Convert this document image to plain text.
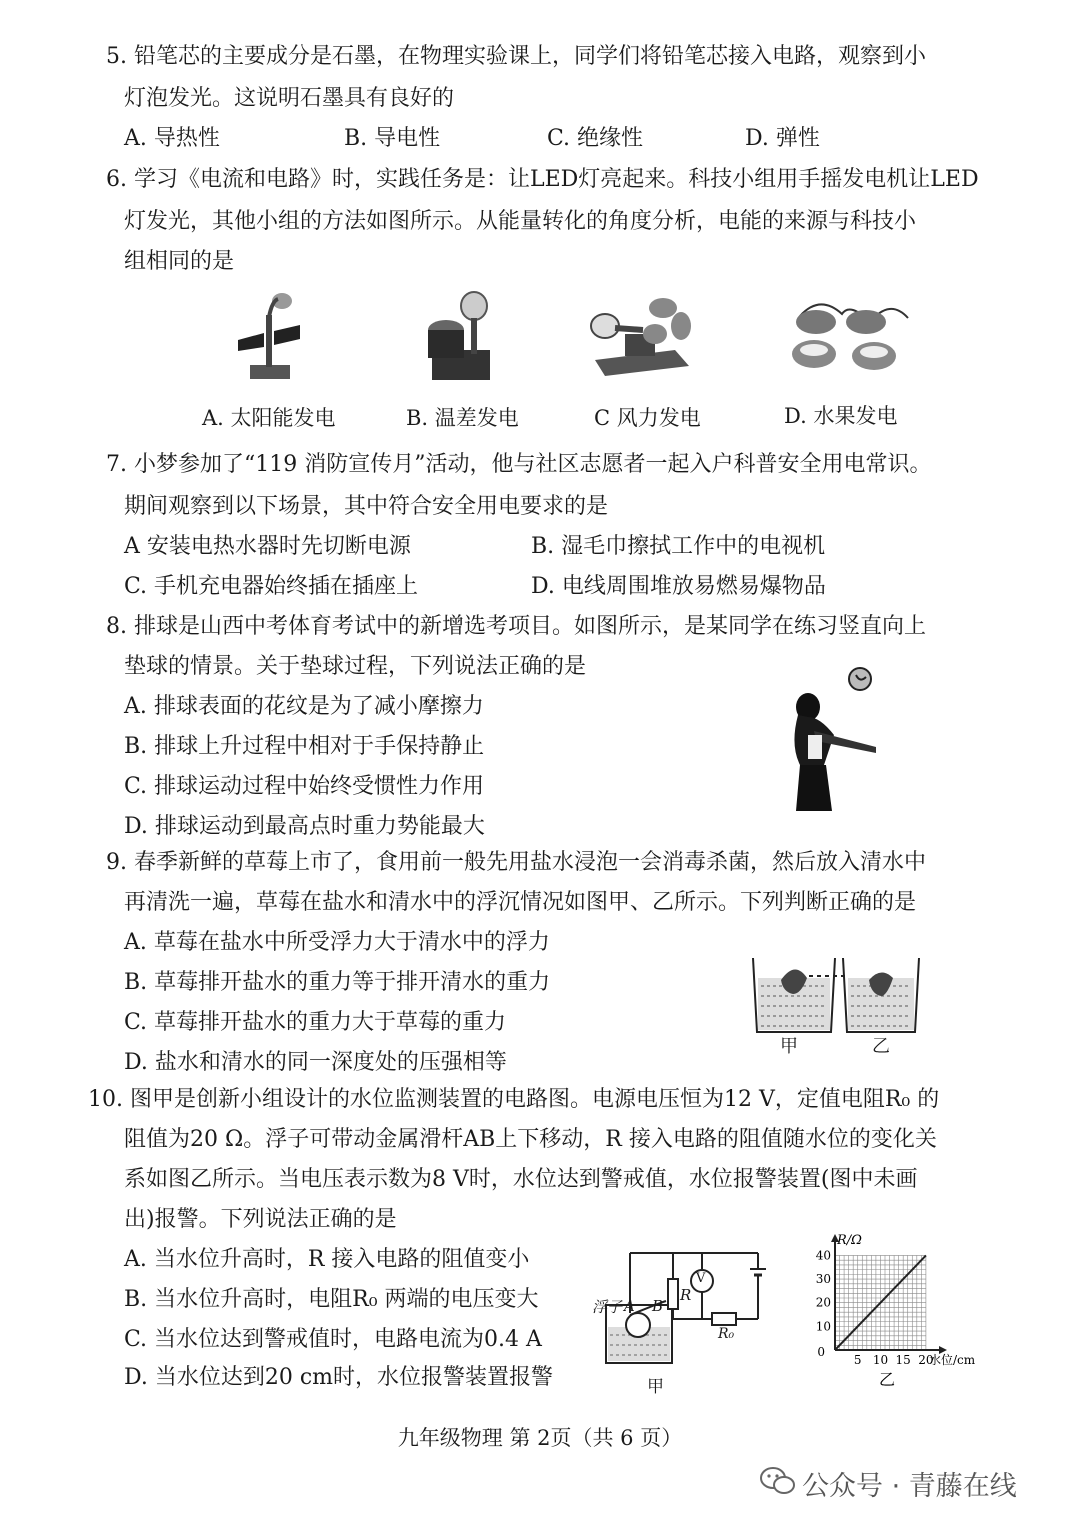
5. 铅笔芯的主要成分是石墨，在物理实验课上，同学们将铅笔芯接入电路，观察到小
灯泡发光。这说明石墨具有良好的
A. 导热性	B. 导电性	C. 绝缘性	D. 弹性
6. 学习《电流和电路》时，实践任务是：让LED灯亮起来。科技小组用手摇发电机让LED
灯发光，其他小组的方法如图所示。从能量转化的角度分析，电能的来源与科技小
组相同的是
A. 太阳能发电	B. 温差发电	C 风力发电	D. 水果发电
7. 小梦参加了“119 消防宣传月”活动，他与社区志愿者一起入户科普安全用电常识。
期间观察到以下场景，其中符合安全用电要求的是
A 安装电热水器时先切断电源	B. 湿毛巾擦拭工作中的电视机
C. 手机充电器始终插在插座上	D. 电线周围堆放易燃易爆物品
8. 排球是山西中考体育考试中的新增选考项目。如图所示，是某同学在练习竖直向上
垫球的情景。关于垫球过程，下列说法正确的是
A. 排球表面的花纹是为了减小摩擦力
B. 排球上升过程中相对于手保持静止
C. 排球运动过程中始终受惯性力作用
D. 排球运动到最高点时重力势能最大
9. 春季新鲜的草莓上市了，食用前一般先用盐水浸泡一会消毒杀菌，然后放入清水中
再清洗一遍，草莓在盐水和清水中的浮沉情况如图甲、乙所示。下列判断正确的是
A. 草莓在盐水中所受浮力大于清水中的浮力
B. 草莓排开盐水的重力等于排开清水的重力
C. 草莓排开盐水的重力大于草莓的重力
D. 盐水和清水的同一深度处的压强相等
甲	乙
10. 图甲是创新小组设计的水位监测装置的电路图。电源电压恒为12 V，定值电阻R₀ 的
阻值为20 Ω。浮子可带动金属滑杆AB上下移动，R 接入电路的阻值随水位的变化关
系如图乙所示。当电压表示数为8 V时，水位达到警戒值，水位报警装置(图中未画
出)报警。下列说法正确的是
A. 当水位升高时，R 接入电路的阻值变小
B. 当水位升高时，电阻R₀ 两端的电压变大
C. 当水位达到警戒值时，电路电流为0.4 A
D. 当水位达到20 cm时，水位报警装置报警
浮子 A B
R
V
R₀
甲
5 10 15 20
10
20
30
40
R/Ω
水位/cm
0
乙
九年级物理 第 2页（共 6 页）
公众号 · 青藤在线
